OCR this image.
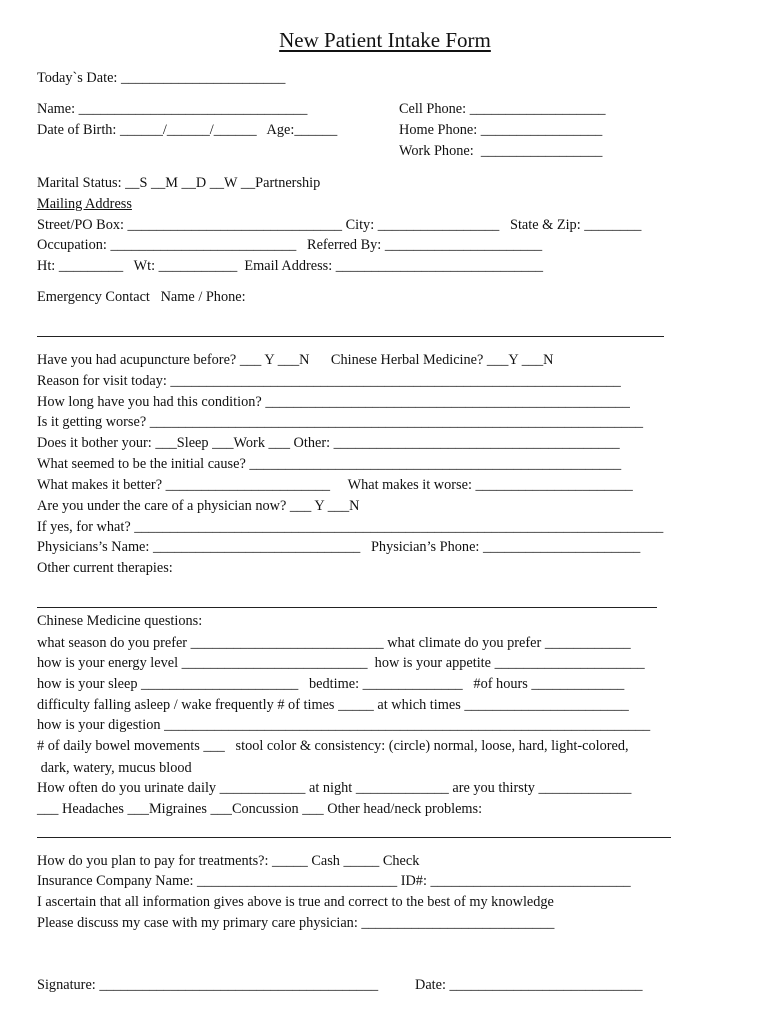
New Patient Intake Form
Today`s Date: _______________________
Name: ________________________________	Cell Phone: ___________________
Date of Birth: ______/______/______   Age:______	Home Phone: _________________
Work Phone:  _________________
Marital Status: __S __M __D __W __Partnership
Mailing Address
Street/PO Box: ______________________________ City: _________________   State & Zip: ________
Occupation: __________________________   Referred By: ______________________
Ht: _________   Wt: ___________  Email Address: _____________________________
Emergency Contact   Name / Phone:
Have you had acupuncture before? ___ Y ___N      Chinese Herbal Medicine? ___Y ___N
Reason for visit today: _______________________________________________________________
How long have you had this condition? ___________________________________________________
Is it getting worse? _____________________________________________________________________
Does it bother your: ___Sleep ___Work ___ Other: ________________________________________
What seemed to be the initial cause? ____________________________________________________
What makes it better? _______________________     What makes it worse: ______________________
Are you under the care of a physician now? ___ Y ___N
If yes, for what? __________________________________________________________________________
Physicians’s Name: _____________________________   Physician’s Phone: ______________________
Other current therapies:
Chinese Medicine questions:
what season do you prefer ___________________________ what climate do you prefer ____________
how is your energy level __________________________  how is your appetite _____________________
how is your sleep ______________________   bedtime: ______________   #of hours _____________
difficulty falling asleep / wake frequently # of times _____ at which times _______________________
how is your digestion ____________________________________________________________________
# of daily bowel movements ___   stool color & consistency: (circle) normal, loose, hard, light-colored,
dark, watery, mucus blood
How often do you urinate daily ____________ at night _____________ are you thirsty _____________
___ Headaches ___Migraines ___Concussion ___ Other head/neck problems:
How do you plan to pay for treatments?: _____ Cash _____ Check
Insurance Company Name: ____________________________ ID#: ____________________________
I ascertain that all information gives above is true and correct to the best of my knowledge
Please discuss my case with my primary care physician: ___________________________
Signature: _______________________________________	Date: ___________________________
